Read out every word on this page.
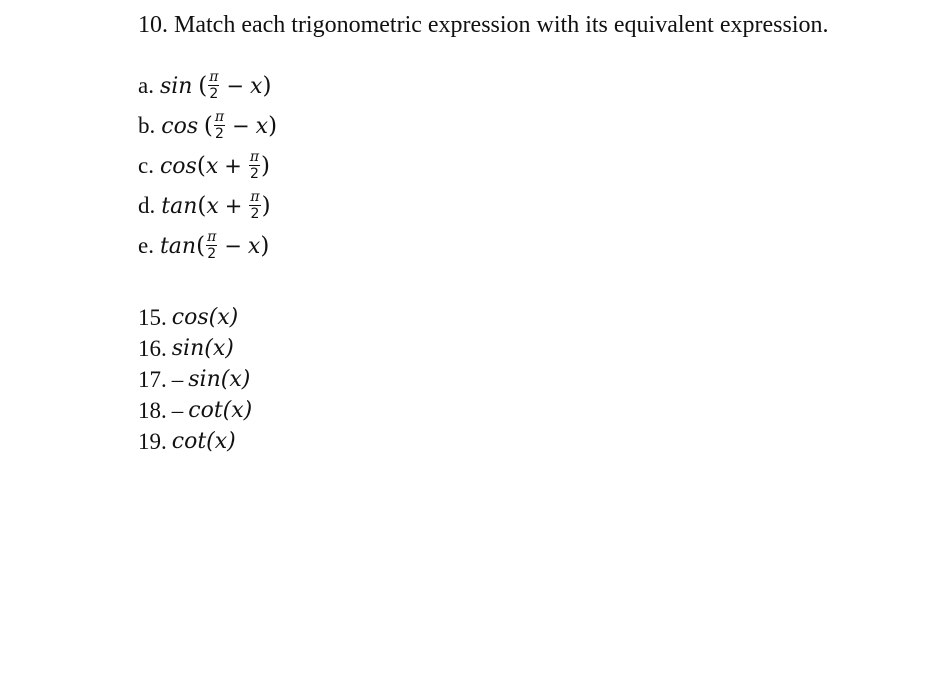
10. Match each trigonometric expression with its equivalent expression.
a. sin
( $\frac{\pi}{2} - x$ )
b. cos
( $\frac{\pi}{2} - x$ )
c. cos ( $x + \frac{\pi}{2}$ )
d. tan ( $x + \frac{\pi}{2}$ )
e. tan ( $\frac{\pi}{2} - x$ )
15. cos(x)
16. sin(x)
17. – sin(x)
18. – cot(x)
19. cot(x)
